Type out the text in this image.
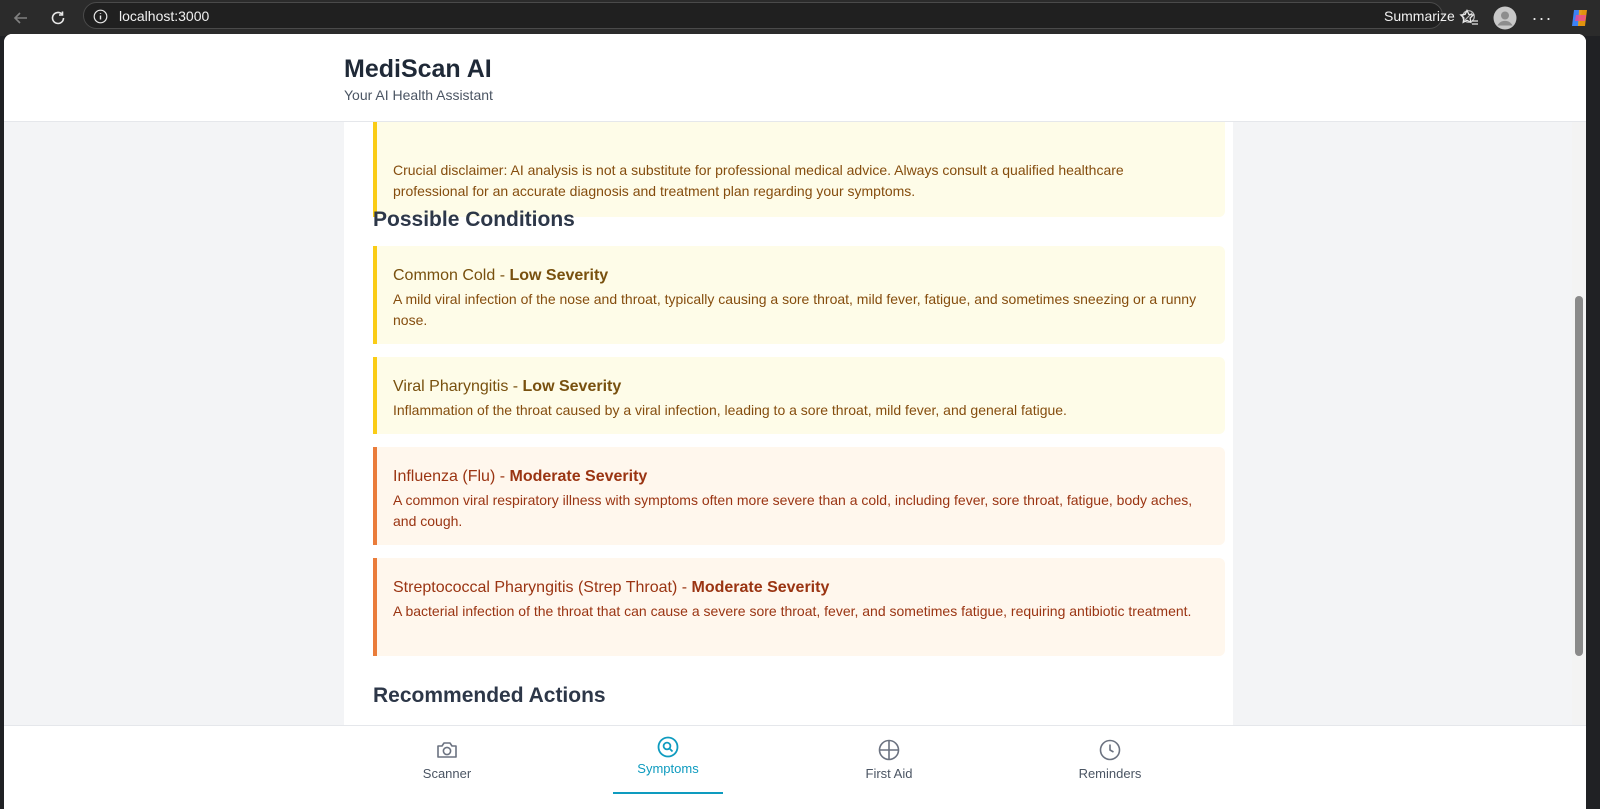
localhost:3000	Summarize	···

Crucial disclaimer: AI analysis is not a substitute for professional medical advice. Always consult a qualified healthcare professional for an accurate diagnosis and treatment plan regarding your symptoms.

Possible Conditions
Common Cold - Low Severity

A mild viral infection of the nose and throat, typically causing a sore throat, mild fever, fatigue, and sometimes sneezing or a runny nose.

Viral Pharyngitis - Low Severity

Inflammation of the throat caused by a viral infection, leading to a sore throat, mild fever, and general fatigue.

Influenza (Flu) - Moderate Severity

A common viral respiratory illness with symptoms often more severe than a cold, including fever, sore throat, fatigue, body aches, and cough.

Streptococcal Pharyngitis (Strep Throat) - Moderate Severity

A bacterial infection of the throat that can cause a severe sore throat, fever, and sometimes fatigue, requiring antibiotic treatment.

Recommended Actions
MediScan AI
Your AI Health Assistant
Scanner	Symptoms	First Aid	Reminders
